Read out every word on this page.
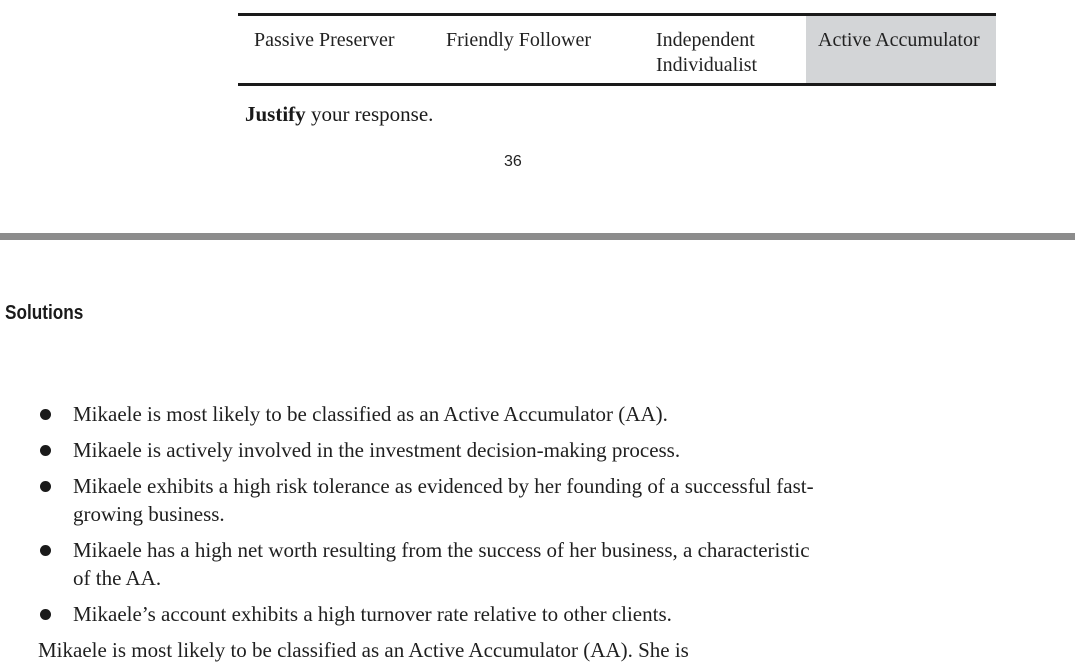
Passive Preserver	Friendly Follower	Independent
Individualist
Active Accumulator
Justify your response.
36
Solutions
Mikaele is most likely to be classified as an Active Accumulator (AA).
Mikaele is actively involved in the investment decision-making process.
Mikaele exhibits a high risk tolerance as evidenced by her founding of a successful fast-growing business.
Mikaele has a high net worth resulting from the success of her business, a characteristic of the AA.
Mikaele’s account exhibits a high turnover rate relative to other clients.
Mikaele is most likely to be classified as an Active Accumulator (AA). She is
